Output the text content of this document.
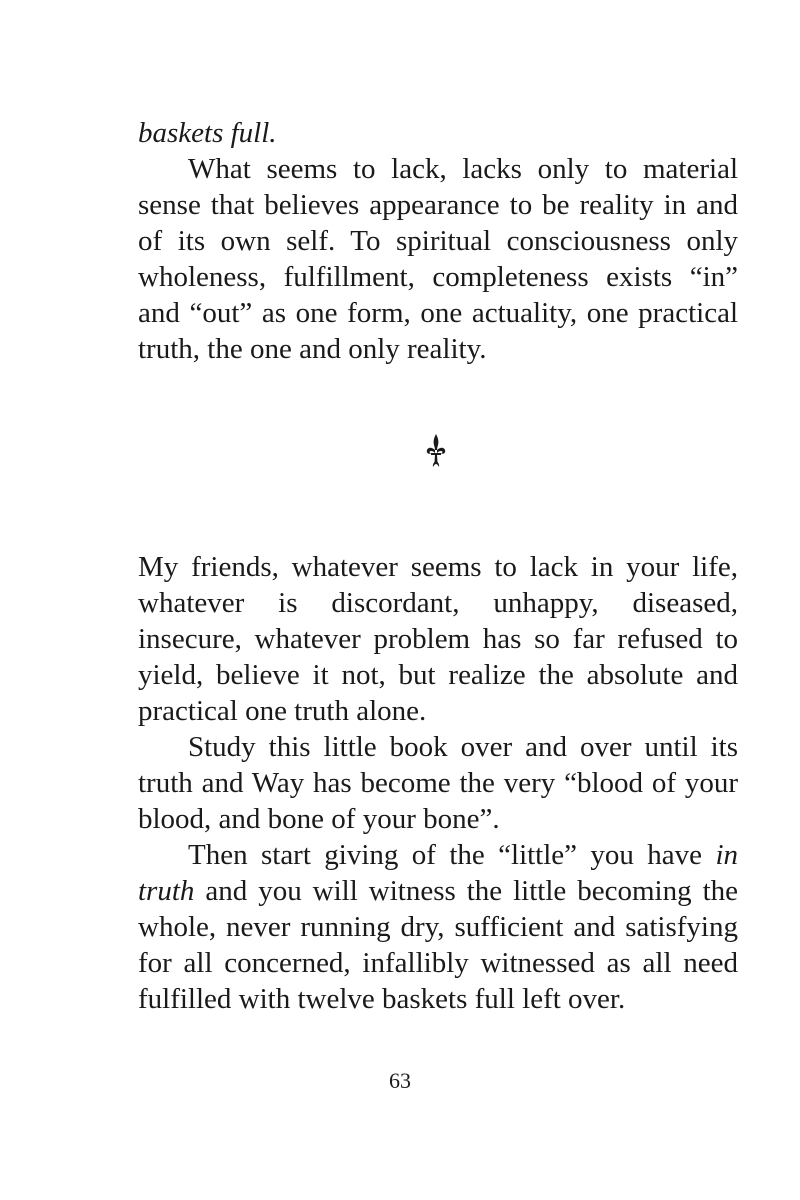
baskets full.

What seems to lack, lacks only to material sense that believes appearance to be reality in and of its own self. To spiritual consciousness only wholeness, fulfillment, completeness exists “in” and “out” as one form, one actuality, one practical truth, the one and only reality.

My friends, whatever seems to lack in your life, whatever is discordant, unhappy, diseased, insecure, whatever problem has so far refused to yield, believe it not, but realize the absolute and practical one truth alone.

Study this little book over and over until its truth and Way has become the very “blood of your blood, and bone of your bone”.

Then start giving of the “little” you have in truth and you will witness the little becoming the whole, never running dry, sufficient and satisfying for all concerned, infallibly witnessed as all need fulfilled with twelve baskets full left over.

63
